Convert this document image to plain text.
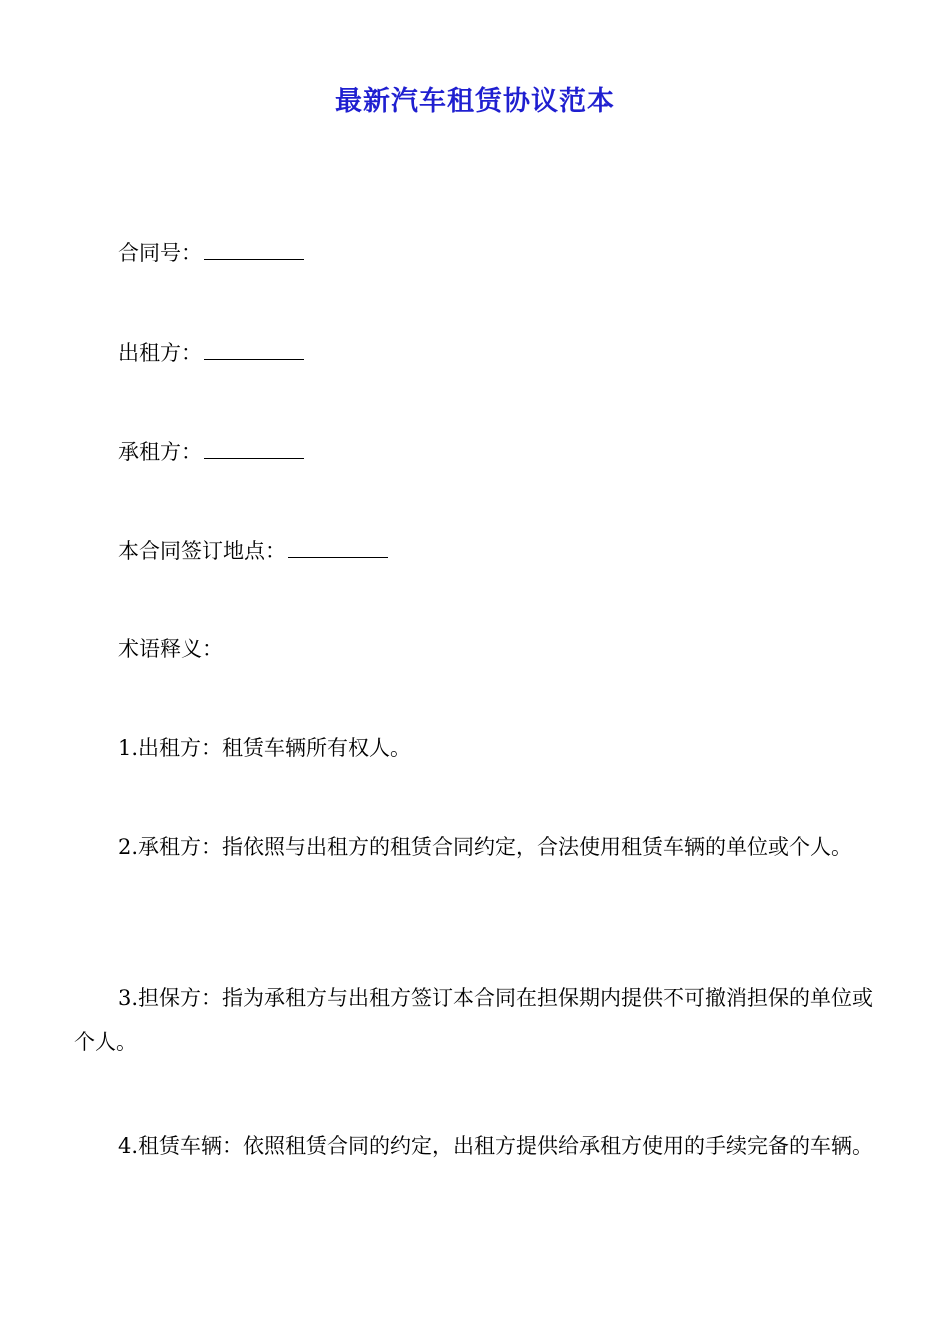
最新汽车租赁协议范本
合同号：
出租方：
承租方：
本合同签订地点：
术语释义：
1.出租方：租赁车辆所有权人。
2.承租方：指依照与出租方的租赁合同约定，合法使用租赁车辆的单位或个人。
3.担保方：指为承租方与出租方签订本合同在担保期内提供不可撤消担保的单位或个人。
4.租赁车辆：依照租赁合同的约定，出租方提供给承租方使用的手续完备的车辆。
